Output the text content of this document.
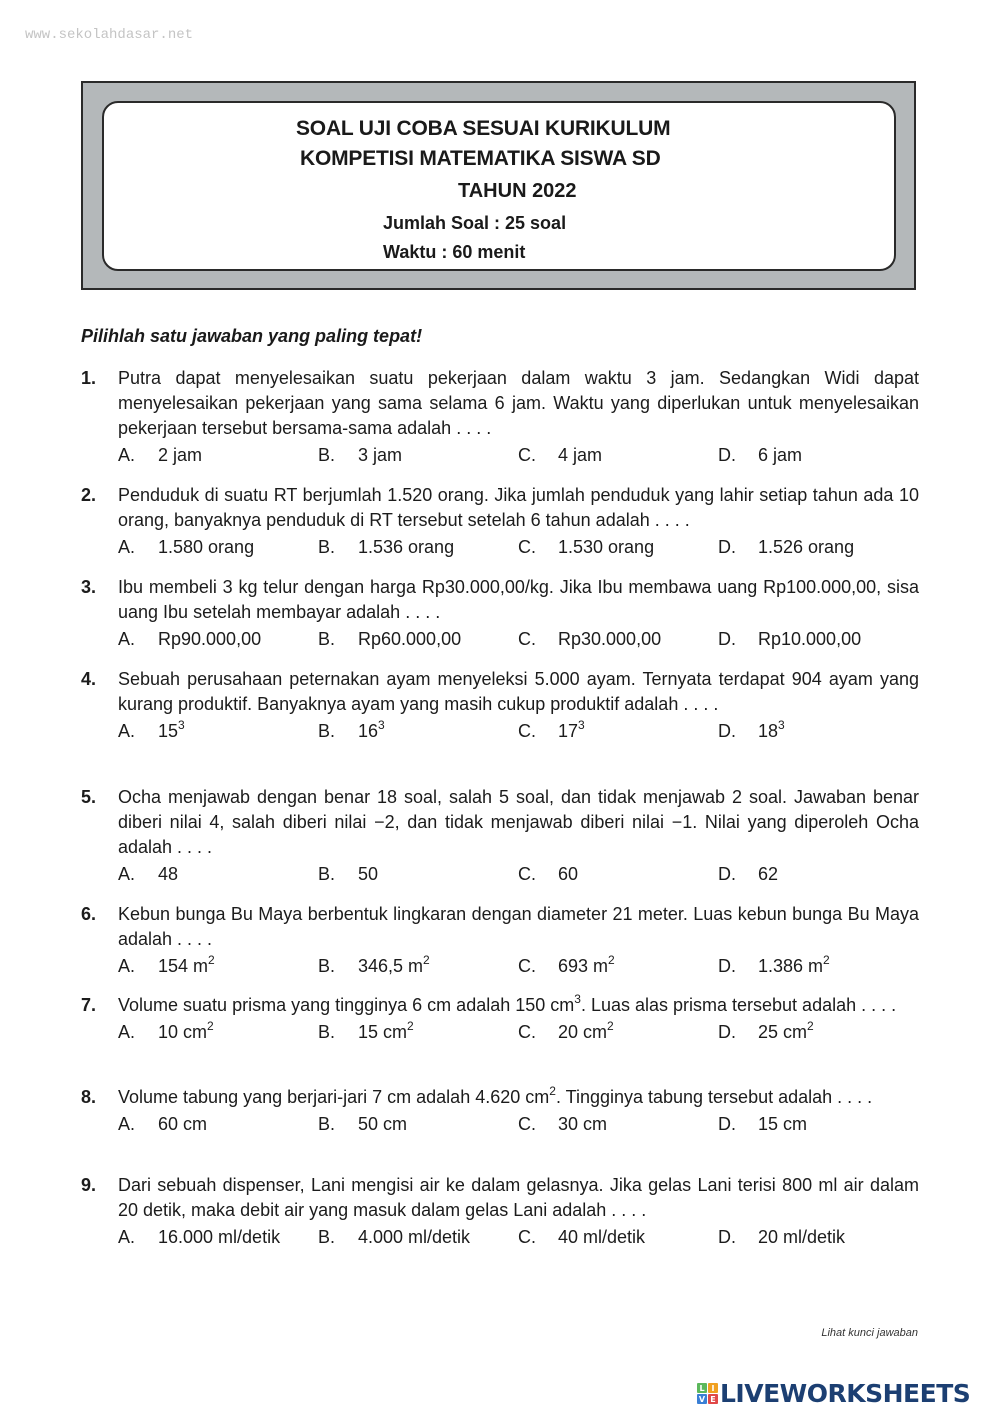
www.sekolahdasar.net
SOAL UJI COBA SESUAI KURIKULUM
KOMPETISI MATEMATIKA SISWA SD
TAHUN 2022
Jumlah Soal : 25 soal
Waktu : 60 menit
Pilihlah satu jawaban yang paling tepat!
1. Putra dapat menyelesaikan suatu pekerjaan dalam waktu 3 jam. Sedangkan Widi dapat menyelesaikan pekerjaan yang sama selama 6 jam. Waktu yang diperlukan untuk menyelesaikan pekerjaan tersebut bersama-sama adalah . . . .
A. 2 jam	B. 3 jam	C. 4 jam	D. 6 jam
2. Penduduk di suatu RT berjumlah 1.520 orang. Jika jumlah penduduk yang lahir setiap tahun ada 10 orang, banyaknya penduduk di RT tersebut setelah 6 tahun adalah . . . .
A. 1.580 orang	B. 1.536 orang	C. 1.530 orang	D. 1.526 orang
3. Ibu membeli 3 kg telur dengan harga Rp30.000,00/kg. Jika Ibu membawa uang Rp100.000,00, sisa uang Ibu setelah membayar adalah . . . .
A. Rp90.000,00	B. Rp60.000,00	C. Rp30.000,00	D. Rp10.000,00
4. Sebuah perusahaan peternakan ayam menyeleksi 5.000 ayam. Ternyata terdapat 904 ayam yang kurang produktif. Banyaknya ayam yang masih cukup produktif adalah . . . .
A. $15^3$	B. $16^3$	C. $17^3$	D. $18^3$
5. Ocha menjawab dengan benar 18 soal, salah 5 soal, dan tidak menjawab 2 soal. Jawaban benar diberi nilai 4, salah diberi nilai −2, dan tidak menjawab diberi nilai −1. Nilai yang diperoleh Ocha adalah . . . .
A. 48	B. 50	C. 60	D. 62
6. Kebun bunga Bu Maya berbentuk lingkaran dengan diameter 21 meter. Luas kebun bunga Bu Maya adalah . . . .
A. 154 $m^2$	B. 346,5 $m^2$	C. 693 $m^2$	D. 1.386 $m^2$
7. Volume suatu prisma yang tingginya 6 cm adalah 150 $cm^3$. Luas alas prisma tersebut adalah . . . .
A. 10 $cm^2$	B. 15 $cm^2$	C. 20 $cm^2$	D. 25 $cm^2$
8. Volume tabung yang berjari-jari 7 cm adalah 4.620 $cm^2$. Tingginya tabung tersebut adalah . . . .
A. 60 cm	B. 50 cm	C. 30 cm	D. 15 cm
9. Dari sebuah dispenser, Lani mengisi air ke dalam gelasnya. Jika gelas Lani terisi 800 ml air dalam 20 detik, maka debit air yang masuk dalam gelas Lani adalah . . . .
A. 16.000 ml/detik B. 4.000 ml/detik	C. 40 ml/detik	D. 20 ml/detik
Lihat kunci jawaban
L I
V E LIVEWORKSHEETS
